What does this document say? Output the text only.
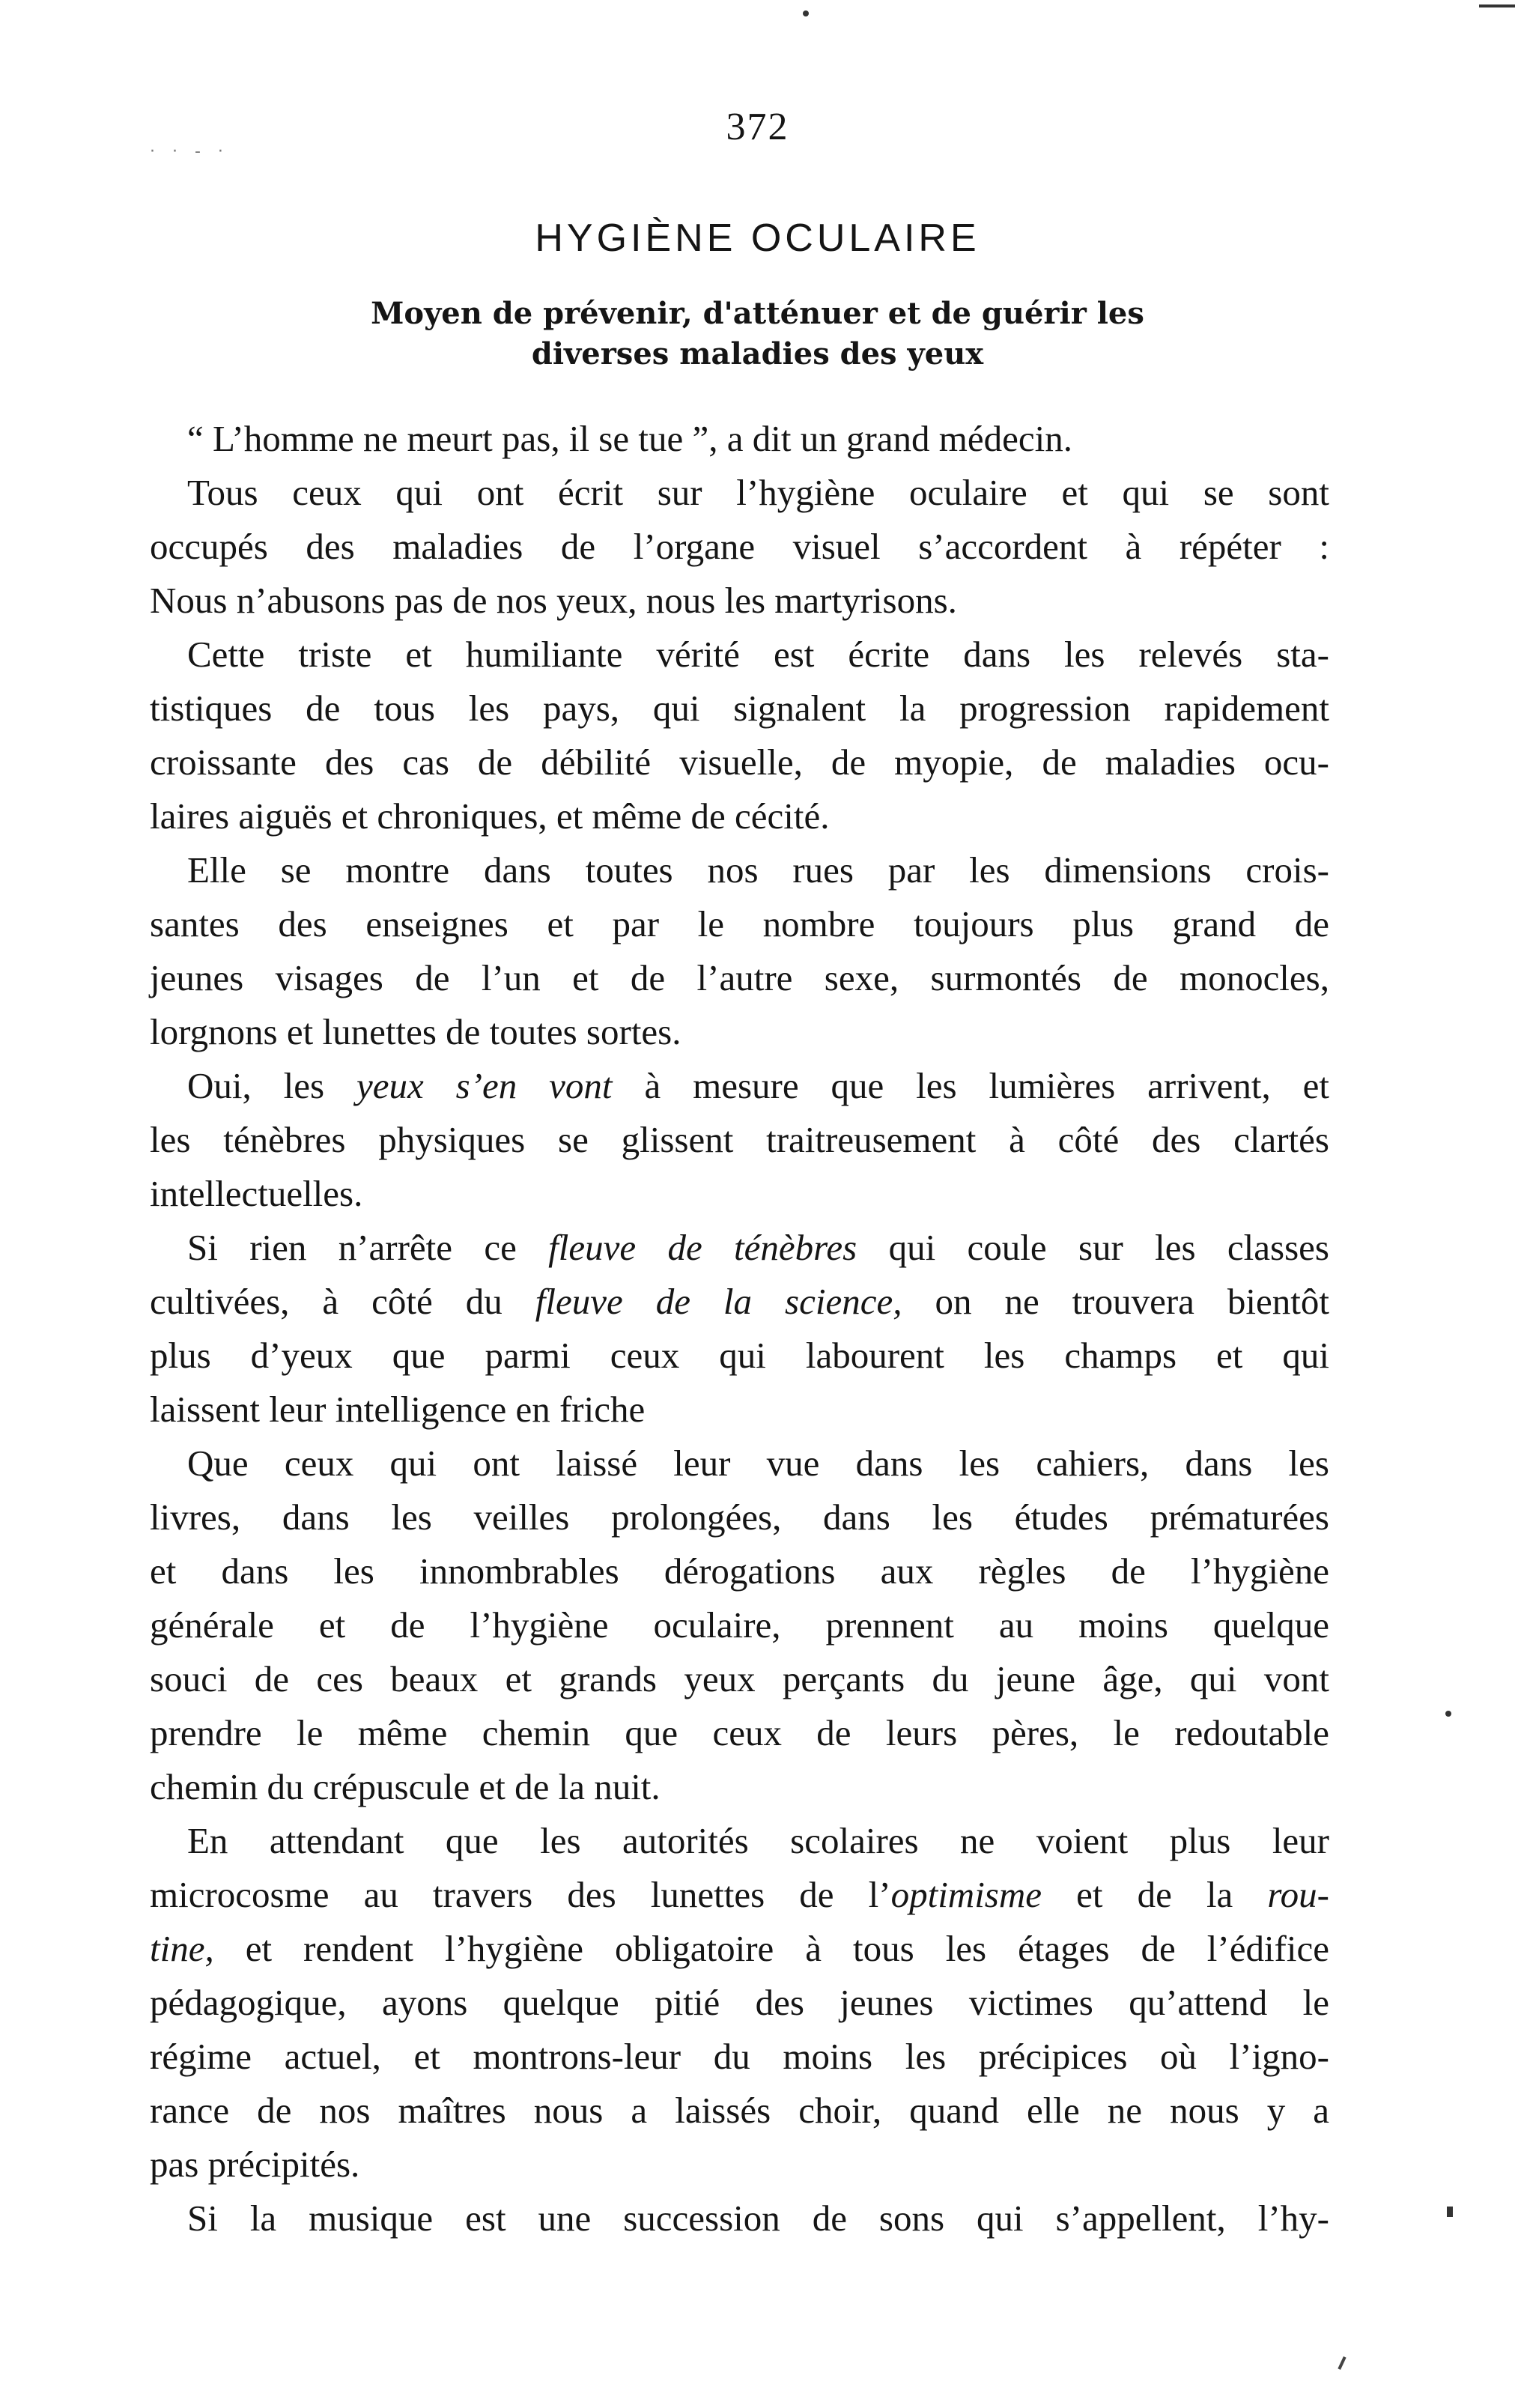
· · - ·
372
HYGIÈNE OCULAIRE
Moyen de prévenir, d'atténuer et de guérir les
diverses maladies des yeux
“ L’homme ne meurt pas, il se tue ”, a dit un grand médecin.
Tous ceux qui ont écrit sur l’hygiène oculaire et qui se sont
occupés des maladies de l’organe visuel s’accordent à répéter :
Nous n’abusons pas de nos yeux, nous les martyrisons.
Cette triste et humiliante vérité est écrite dans les relevés sta-
tistiques de tous les pays, qui signalent la progression rapidement
croissante des cas de débilité visuelle, de myopie, de maladies ocu-
laires aiguës et chroniques, et même de cécité.
Elle se montre dans toutes nos rues par les dimensions crois-
santes des enseignes et par le nombre toujours plus grand de
jeunes visages de l’un et de l’autre sexe, surmontés de monocles,
lorgnons et lunettes de toutes sortes.
Oui, les yeux s’en vont à mesure que les lumières arrivent, et
les ténèbres physiques se glissent traitreusement à côté des clartés
intellectuelles.
Si rien n’arrête ce fleuve de ténèbres qui coule sur les classes
cultivées, à côté du fleuve de la science, on ne trouvera bientôt
plus d’yeux que parmi ceux qui labourent les champs et qui
laissent leur intelligence en friche
Que ceux qui ont laissé leur vue dans les cahiers, dans les
livres, dans les veilles prolongées, dans les études prématurées
et dans les innombrables dérogations aux règles de l’hygiène
générale et de l’hygiène oculaire, prennent au moins quelque
souci de ces beaux et grands yeux perçants du jeune âge, qui vont
prendre le même chemin que ceux de leurs pères, le redoutable
chemin du crépuscule et de la nuit.
En attendant que les autorités scolaires ne voient plus leur
microcosme au travers des lunettes de l’optimisme et de la rou-
tine, et rendent l’hygiène obligatoire à tous les étages de l’édifice
pédagogique, ayons quelque pitié des jeunes victimes qu’attend le
régime actuel, et montrons-leur du moins les précipices où l’igno-
rance de nos maîtres nous a laissés choir, quand elle ne nous y a
pas précipités.
Si la musique est une succession de sons qui s’appellent, l’hy-
